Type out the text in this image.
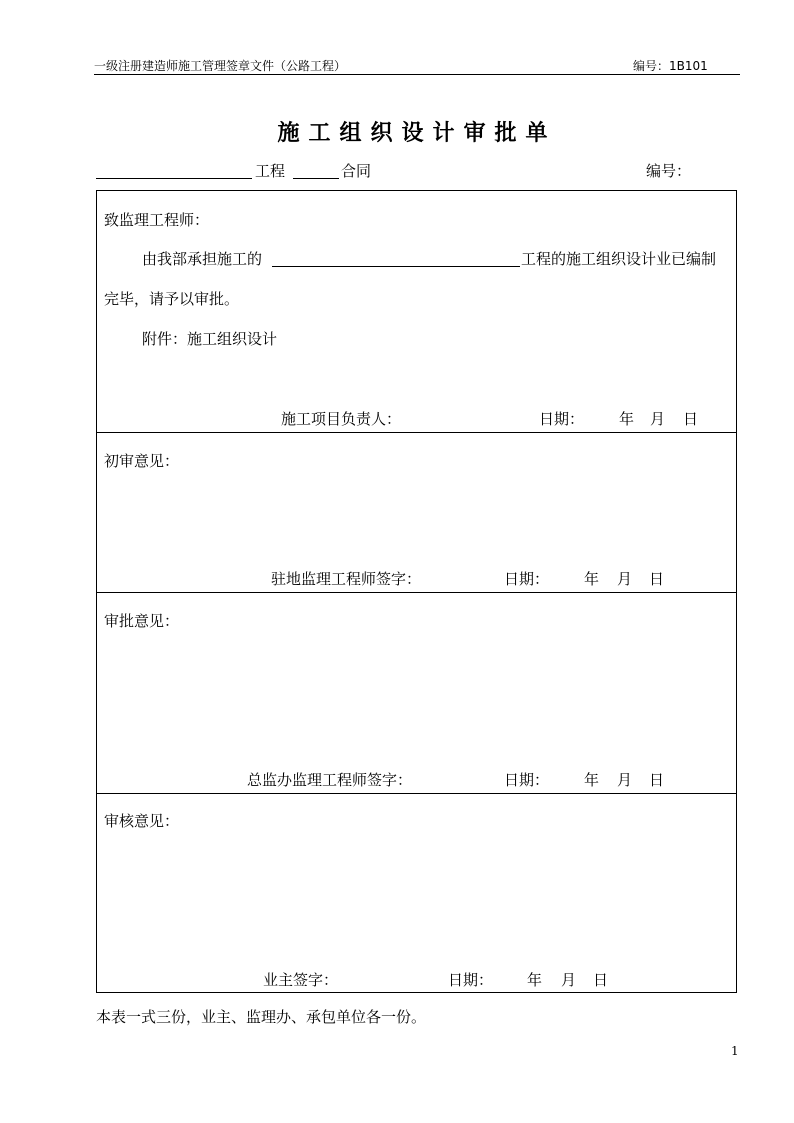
一级注册建造师施工管理签章文件（公路工程）	编号：1B101
施工组织设计审批单
工程	合同	编号：
致监理工程师：
由我部承担施工的	工程的施工组织设计业已编制
完毕，请予以审批。
附件：施工组织设计
施工项目负责人：	日期： 年 月 日
初审意见：
驻地监理工程师签字：	日期： 年 月 日
审批意见：
总监办监理工程师签字：	日期： 年 月 日
审核意见：
业主签字：	日期： 年 月 日
本表一式三份，业主、监理办、承包单位各一份。
1
